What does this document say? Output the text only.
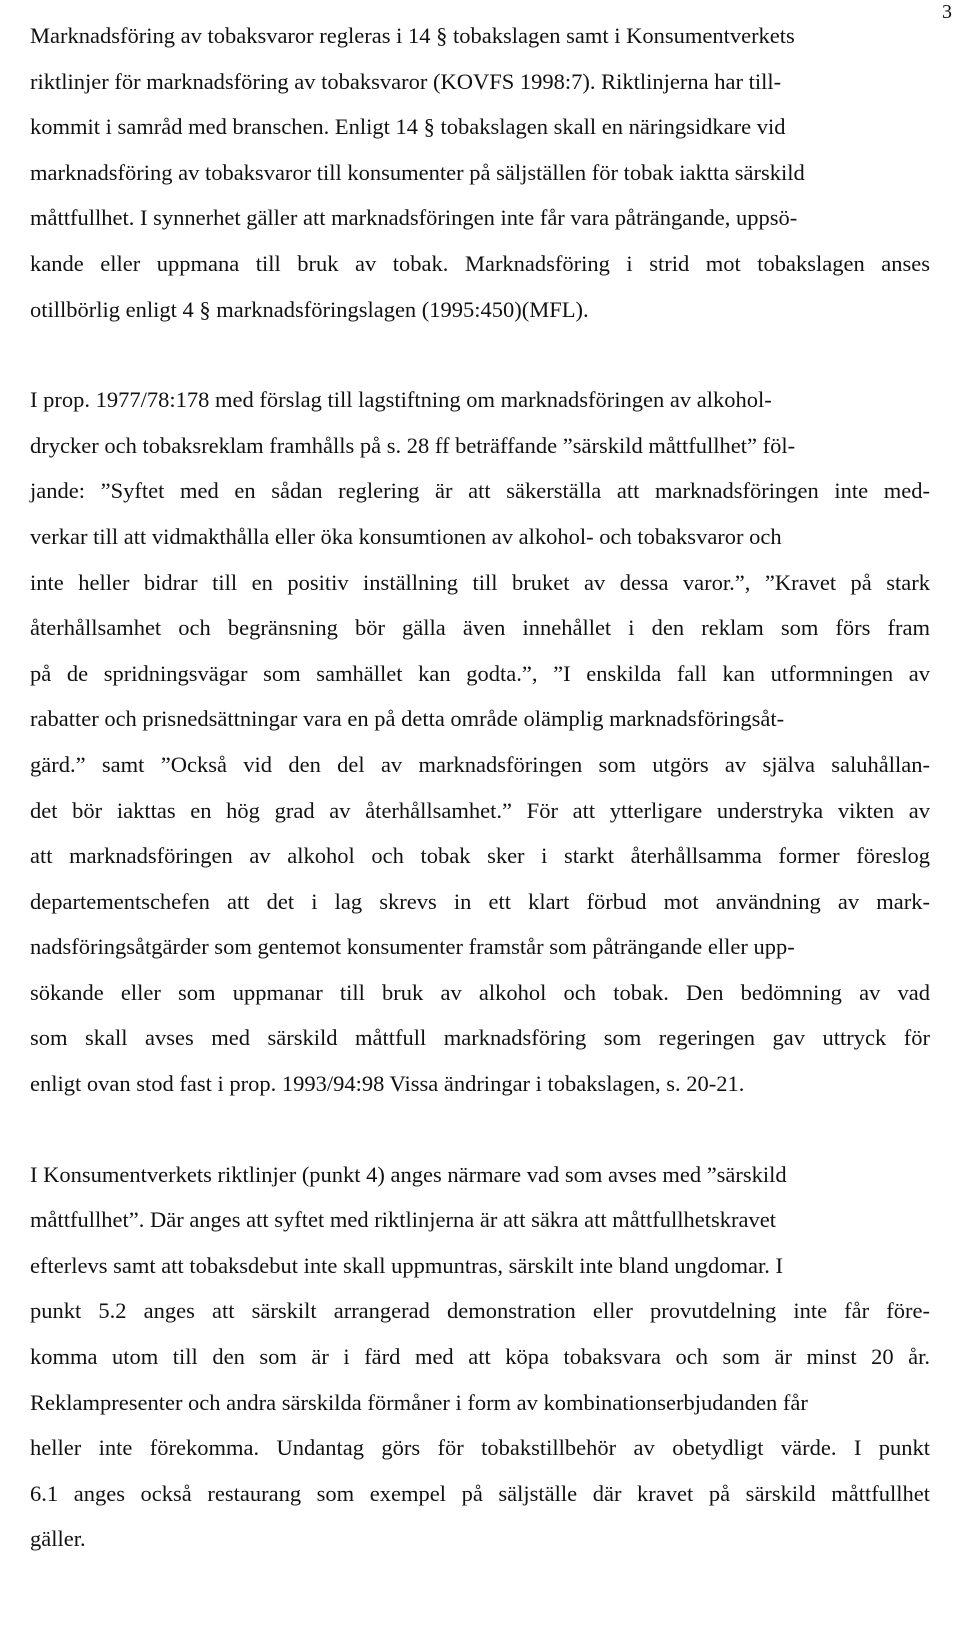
3
Marknadsföring av tobaksvaror regleras i 14 § tobakslagen samt i Konsumentverkets
riktlinjer för marknadsföring av tobaksvaror (KOVFS 1998:7). Riktlinjerna har till-
kommit i samråd med branschen. Enligt 14 § tobakslagen skall en näringsidkare vid
marknadsföring av tobaksvaror till konsumenter på säljställen för tobak iaktta särskild
måttfullhet. I synnerhet gäller att marknadsföringen inte får vara påträngande, uppsö-
kande eller uppmana till bruk av tobak. Marknadsföring i strid mot tobakslagen anses
otillbörlig enligt 4 § marknadsföringslagen (1995:450)(MFL).
I prop. 1977/78:178 med förslag till lagstiftning om marknadsföringen av alkohol-
drycker och tobaksreklam framhålls på s. 28 ff beträffande ”särskild måttfullhet” föl-
jande: ”Syftet med en sådan reglering är att säkerställa att marknadsföringen inte med-
verkar till att vidmakthålla eller öka konsumtionen av alkohol- och tobaksvaror och
inte heller bidrar till en positiv inställning till bruket av dessa varor.”, ”Kravet på stark
återhållsamhet och begränsning bör gälla även innehållet i den reklam som förs fram
på de spridningsvägar som samhället kan godta.”, ”I enskilda fall kan utformningen av
rabatter och prisnedsättningar vara en på detta område olämplig marknadsföringsåt-
gärd.” samt ”Också vid den del av marknadsföringen som utgörs av själva saluhållan-
det bör iakttas en hög grad av återhållsamhet.” För att ytterligare understryka vikten av
att marknadsföringen av alkohol och tobak sker i starkt återhållsamma former föreslog
departementschefen att det i lag skrevs in ett klart förbud mot användning av mark-
nadsföringsåtgärder som gentemot konsumenter framstår som påträngande eller upp-
sökande eller som uppmanar till bruk av alkohol och tobak. Den bedömning av vad
som skall avses med särskild måttfull marknadsföring som regeringen gav uttryck för
enligt ovan stod fast i prop. 1993/94:98 Vissa ändringar i tobakslagen, s. 20-21.
I Konsumentverkets riktlinjer (punkt 4) anges närmare vad som avses med ”särskild
måttfullhet”. Där anges att syftet med riktlinjerna är att säkra att måttfullhetskravet
efterlevs samt att tobaksdebut inte skall uppmuntras, särskilt inte bland ungdomar. I
punkt 5.2 anges att särskilt arrangerad demonstration eller provutdelning inte får före-
komma utom till den som är i färd med att köpa tobaksvara och som är minst 20 år.
Reklampresenter och andra särskilda förmåner i form av kombinationserbjudanden får
heller inte förekomma. Undantag görs för tobakstillbehör av obetydligt värde. I punkt
6.1 anges också restaurang som exempel på säljställe där kravet på särskild måttfullhet
gäller.
